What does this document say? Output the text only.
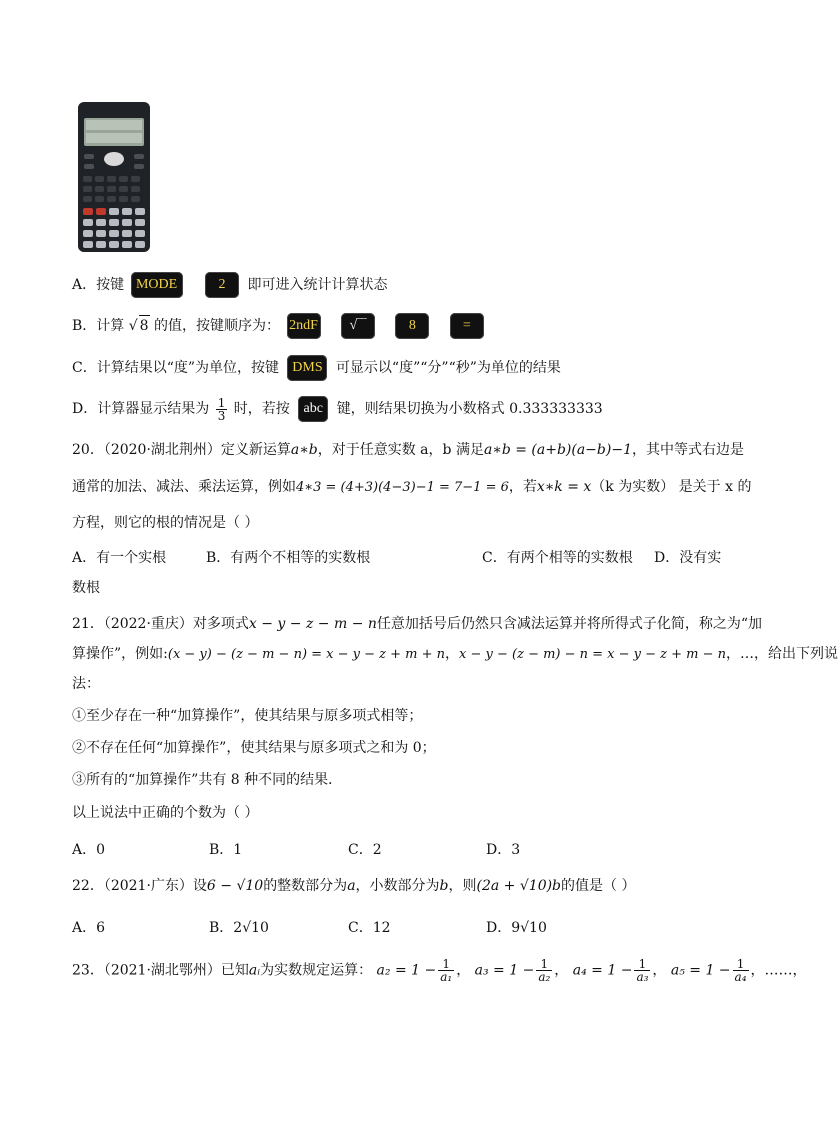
A．按键 MODE	2 即可进入统计计算状态
B．计算 √ 8 的值，按键顺序为： 2ndF √‾‾	8	=
C．计算结果以“度”为单位，按键 DMS 可显示以“度”“分”“秒”为单位的结果
D．计算器显示结果为 $\frac{1}{3}$ 时，若按 abc 键，则结果切换为小数格式 0.333333333
20．（2020·湖北荆州）定义新运算a∗b，对于任意实数 a，b 满足a∗b = (a+b)(a−b)−1，其中等式右边是
通常的加法、减法、乘法运算，例如4∗3 = (4+3)(4−3)−1 = 7−1 = 6，若x∗k = x（k 为实数） 是关于 x 的
方程，则它的根的情况是（ ）
A．有一个实根	B．有两个不相等的实数根	C．有两个相等的实数根 D．没有实
数根
21．（2022·重庆）对多项式x − y − z − m − n任意加括号后仍然只含减法运算并将所得式子化简，称之为“加
算操作”，例如:(x − y) − (z − m − n) = x − y − z + m + n，x − y − (z − m) − n = x − y − z + m − n，…，给出下列说
法：
①至少存在一种“加算操作”，使其结果与原多项式相等；
②不存在任何“加算操作”，使其结果与原多项式之和为 0；
③所有的“加算操作”共有 8 种不同的结果．
以上说法中正确的个数为（ ）
A．0	B．1	C．2	D．3
22．（2021·广东）设6 − √10的整数部分为a，小数部分为b，则(2a + √10)b的值是（ ）
A．6	B．2√10	C．12	D．9√10
23．（2021·湖北鄂州）已知aᵢ为实数规定运算： $a_2 = 1 - \frac{1}{\text{a₁}}$ ， $a_3 = 1 - \frac{1}{\text{a₂}}$ ， $a_4 = 1 - \frac{1}{\text{a₃}}$ ， $a_5 = 1 - \frac{1}{\text{a₄}}$ ，……，
